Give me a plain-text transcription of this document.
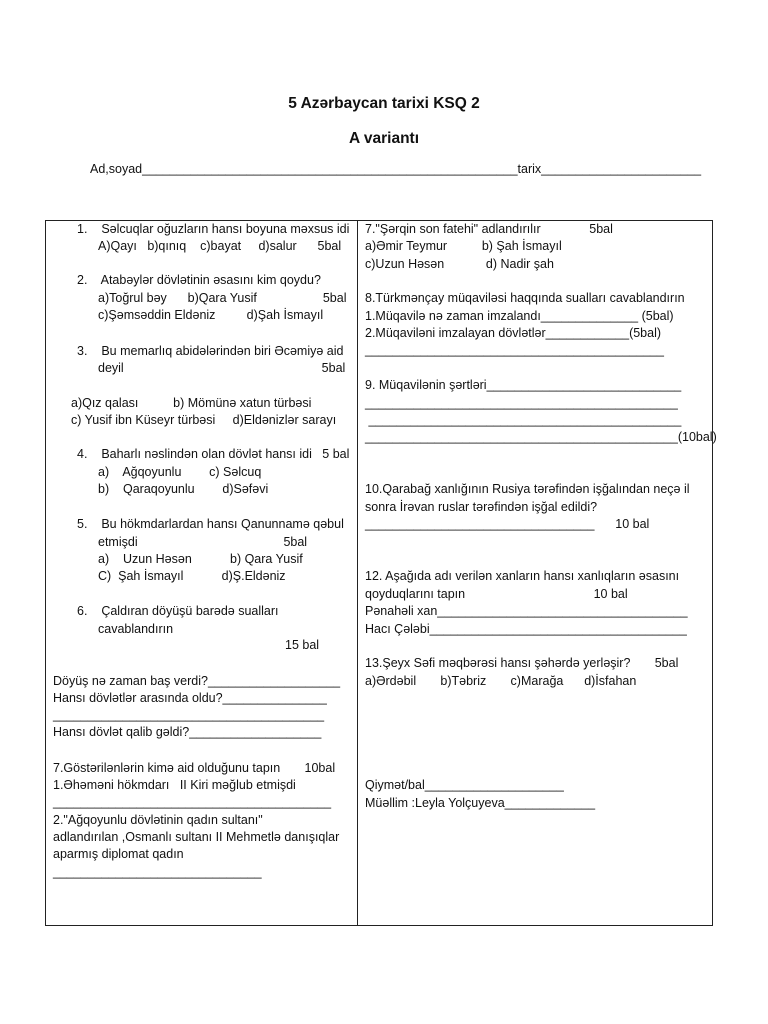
5 Azərbaycan tarixi KSQ 2
A variantı
Ad,soyad______________________________________________________tarix_______________________
1.    Səlcuqlar oğuzların hansı boyuna məxsus idi
A)Qayı   b)qınıq    c)bayat     d)salur      5bal
2.    Atabəylər dövlətinin əsasını kim qoydu?
a)Toğrul bəy      b)Qara Yusif                   5bal
c)Şəmsəddin Eldəniz         d)Şah İsmayıl
3.    Bu memarlıq abidələrindən biri Əcəmiyə aid
deyil                                                         5bal
a)Qız qalası          b) Mömünə xatun türbəsi
c) Yusif ibn Küseyr türbəsi     d)Eldənizlər sarayı
4.    Baharlı nəslindən olan dövlət hansı idi   5 bal
a)    Ağqoyunlu        c) Səlcuq
b)    Qaraqoyunlu        d)Səfəvi
5.    Bu hökmdarlardan hansı Qanunnamə qəbul
etmişdi                                          5bal
a)    Uzun Həsən           b) Qara Yusif
C)  Şah İsmayıl           d)Ş.Eldəniz
6.    Çaldıran döyüşü barədə sualları
cavablandırın
15 bal
Döyüş nə zaman baş verdi?___________________
Hansı dövlətlər arasında oldu?_______________
_______________________________________
Hansı dövlət qalib gəldi?___________________
7.Göstərilənlərin kimə aid olduğunu tapın       10bal
1.Əhəməni hökmdarı   II Kiri məğlub etmişdi
________________________________________
2."Ağqoyunlu dövlətinin qadın sultanı"
adlandırılan ,Osmanlı sultanı II Mehmetlə danışıqlar
aparmış diplomat qadın
______________________________
7."Şərqin son fatehi" adlandırılır              5bal
a)Əmir Teymur          b) Şah İsmayıl
c)Uzun Həsən            d) Nadir şah
8.Türkmənçay müqaviləsi haqqında sualları cavablandırın
1.Müqavilə nə zaman imzalandı______________ (5bal)
2.Müqaviləni imzalayan dövlətlər____________(5bal)
___________________________________________
9. Müqavilənin şərtləri____________________________
_____________________________________________
_____________________________________________
_____________________________________________(10bal)
10.Qarabağ xanlığının Rusiya tərəfindən işğalından neçə il
sonra İrəvan ruslar tərəfindən işğal edildi?
_________________________________      10 bal
12. Aşağıda adı verilən xanların hansı xanlıqların əsasını
qoyduqlarını tapın                                     10 bal
Pənahəli xan____________________________________
Hacı Çələbi_____________________________________
13.Şeyx Səfi məqbərəsi hansı şəhərdə yerləşir?       5bal
a)Ərdəbil       b)Təbriz       c)Marağa      d)İsfahan
Qiymət/bal____________________
Müəllim :Leyla Yolçuyeva_____________
